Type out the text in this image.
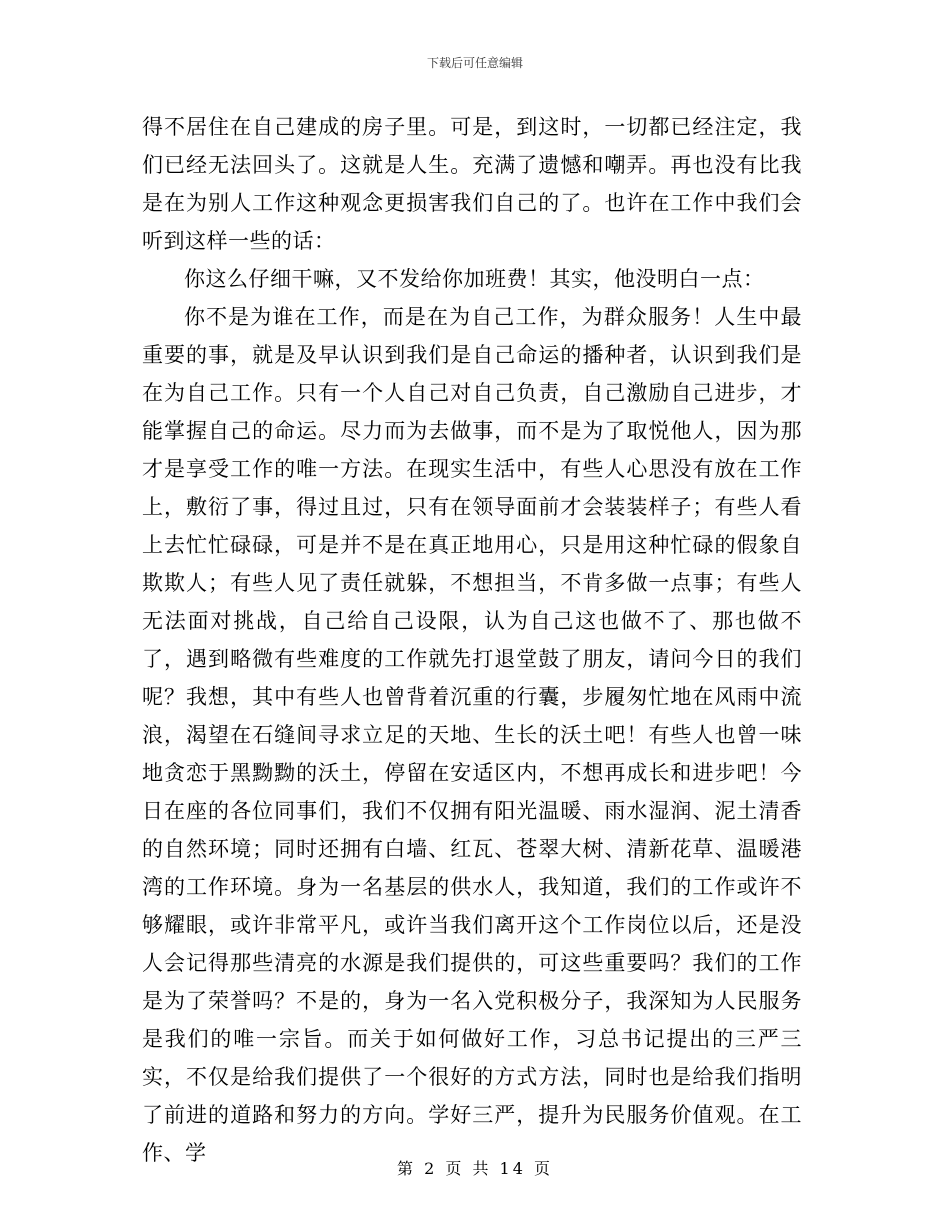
下载后可任意编辑

得不居住在自己建成的房子里。可是，到这时，一切都已经注定，我们已经无法回头了。这就是人生。充满了遗憾和嘲弄。再也没有比我是在为别人工作这种观念更损害我们自己的了。也许在工作中我们会听到这样一些的话：

你这么仔细干嘛，又不发给你加班费！其实，他没明白一点：

你不是为谁在工作，而是在为自己工作，为群众服务！人生中最重要的事，就是及早认识到我们是自己命运的播种者，认识到我们是在为自己工作。只有一个人自己对自己负责，自己激励自己进步，才能掌握自己的命运。尽力而为去做事，而不是为了取悦他人，因为那才是享受工作的唯一方法。在现实生活中，有些人心思没有放在工作上，敷衍了事，得过且过，只有在领导面前才会装装样子；有些人看上去忙忙碌碌，可是并不是在真正地用心，只是用这种忙碌的假象自欺欺人；有些人见了责任就躲，不想担当，不肯多做一点事；有些人无法面对挑战，自己给自己设限，认为自己这也做不了、那也做不了，遇到略微有些难度的工作就先打退堂鼓了朋友，请问今日的我们呢？我想，其中有些人也曾背着沉重的行囊，步履匆忙地在风雨中流浪，渴望在石缝间寻求立足的天地、生长的沃土吧！有些人也曾一味地贪恋于黑黝黝的沃土，停留在安适区内，不想再成长和进步吧！今日在座的各位同事们，我们不仅拥有阳光温暖、雨水湿润、泥土清香的自然环境；同时还拥有白墙、红瓦、苍翠大树、清新花草、温暖港湾的工作环境。身为一名基层的供水人，我知道，我们的工作或许不够耀眼，或许非常平凡，或许当我们离开这个工作岗位以后，还是没人会记得那些清亮的水源是我们提供的，可这些重要吗？我们的工作是为了荣誉吗？不是的，身为一名入党积极分子，我深知为人民服务是我们的唯一宗旨。而关于如何做好工作，习总书记提出的三严三实，不仅是给我们提供了一个很好的方式方法，同时也是给我们指明了前进的道路和努力的方向。学好三严，提升为民服务价值观。在工作、学

第 2 页 共 14 页
